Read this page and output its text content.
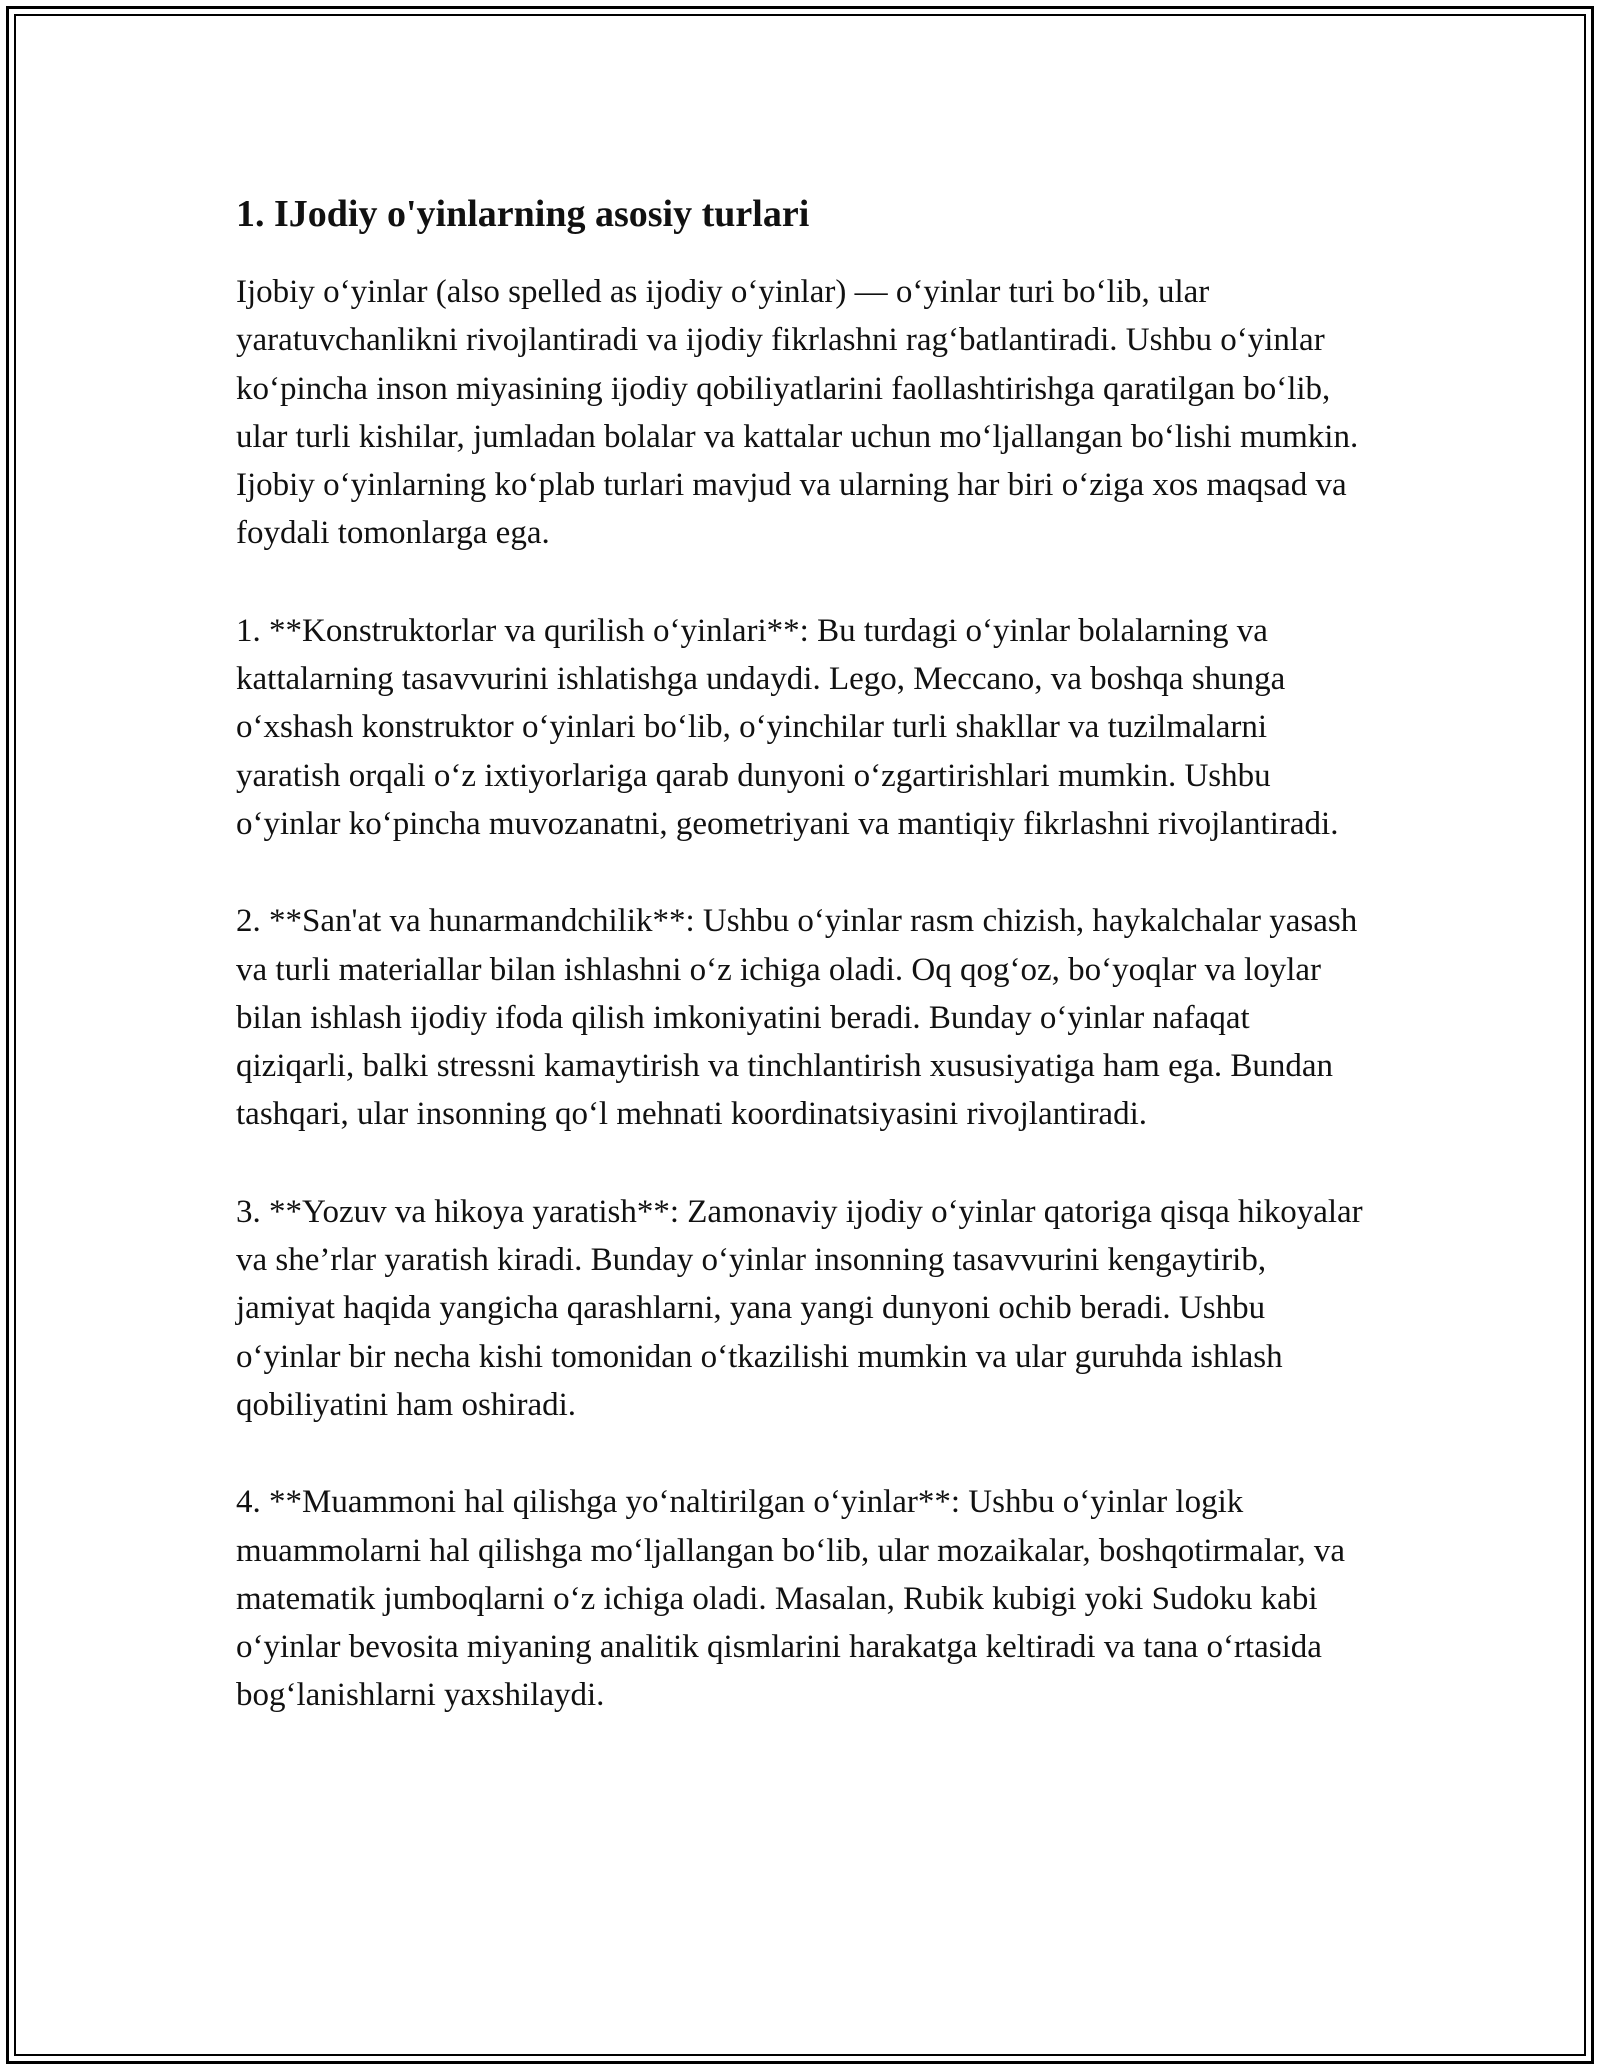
1. IJodiy o'yinlarning asosiy turlari

Ijobiy o‘yinlar (also spelled as ijodiy o‘yinlar) — o‘yinlar turi bo‘lib, ular yaratuvchanlikni rivojlantiradi va ijodiy fikrlashni rag‘batlantiradi. Ushbu o‘yinlar ko‘pincha inson miyasining ijodiy qobiliyatlarini faollashtirishga qaratilgan bo‘lib, ular turli kishilar, jumladan bolalar va kattalar uchun mo‘ljallangan bo‘lishi mumkin. Ijobiy o‘yinlarning ko‘plab turlari mavjud va ularning har biri o‘ziga xos maqsad va foydali tomonlarga ega.

1. **Konstruktorlar va qurilish o‘yinlari**: Bu turdagi o‘yinlar bolalarning va kattalarning tasavvurini ishlatishga undaydi. Lego, Meccano, va boshqa shunga o‘xshash konstruktor o‘yinlari bo‘lib, o‘yinchilar turli shakllar va tuzilmalarni yaratish orqali o‘z ixtiyorlariga qarab dunyoni o‘zgartirishlari mumkin. Ushbu o‘yinlar ko‘pincha muvozanatni, geometriyani va mantiqiy fikrlashni rivojlantiradi.

2. **San'at va hunarmandchilik**: Ushbu o‘yinlar rasm chizish, haykalchalar yasash va turli materiallar bilan ishlashni o‘z ichiga oladi. Oq qog‘oz, bo‘yoqlar va loylar bilan ishlash ijodiy ifoda qilish imkoniyatini beradi. Bunday o‘yinlar nafaqat qiziqarli, balki stressni kamaytirish va tinchlantirish xususiyatiga ham ega. Bundan tashqari, ular insonning qo‘l mehnati koordinatsiyasini rivojlantiradi.

3. **Yozuv va hikoya yaratish**: Zamonaviy ijodiy o‘yinlar qatoriga qisqa hikoyalar va she’rlar yaratish kiradi. Bunday o‘yinlar insonning tasavvurini kengaytirib, jamiyat haqida yangicha qarashlarni, yana yangi dunyoni ochib beradi. Ushbu o‘yinlar bir necha kishi tomonidan o‘tkazilishi mumkin va ular guruhda ishlash qobiliyatini ham oshiradi.

4. **Muammoni hal qilishga yo‘naltirilgan o‘yinlar**: Ushbu o‘yinlar logik muammolarni hal qilishga mo‘ljallangan bo‘lib, ular mozaikalar, boshqotirmalar, va matematik jumboqlarni o‘z ichiga oladi. Masalan, Rubik kubigi yoki Sudoku kabi o‘yinlar bevosita miyaning analitik qismlarini harakatga keltiradi va tana o‘rtasida bog‘lanishlarni yaxshilaydi.
